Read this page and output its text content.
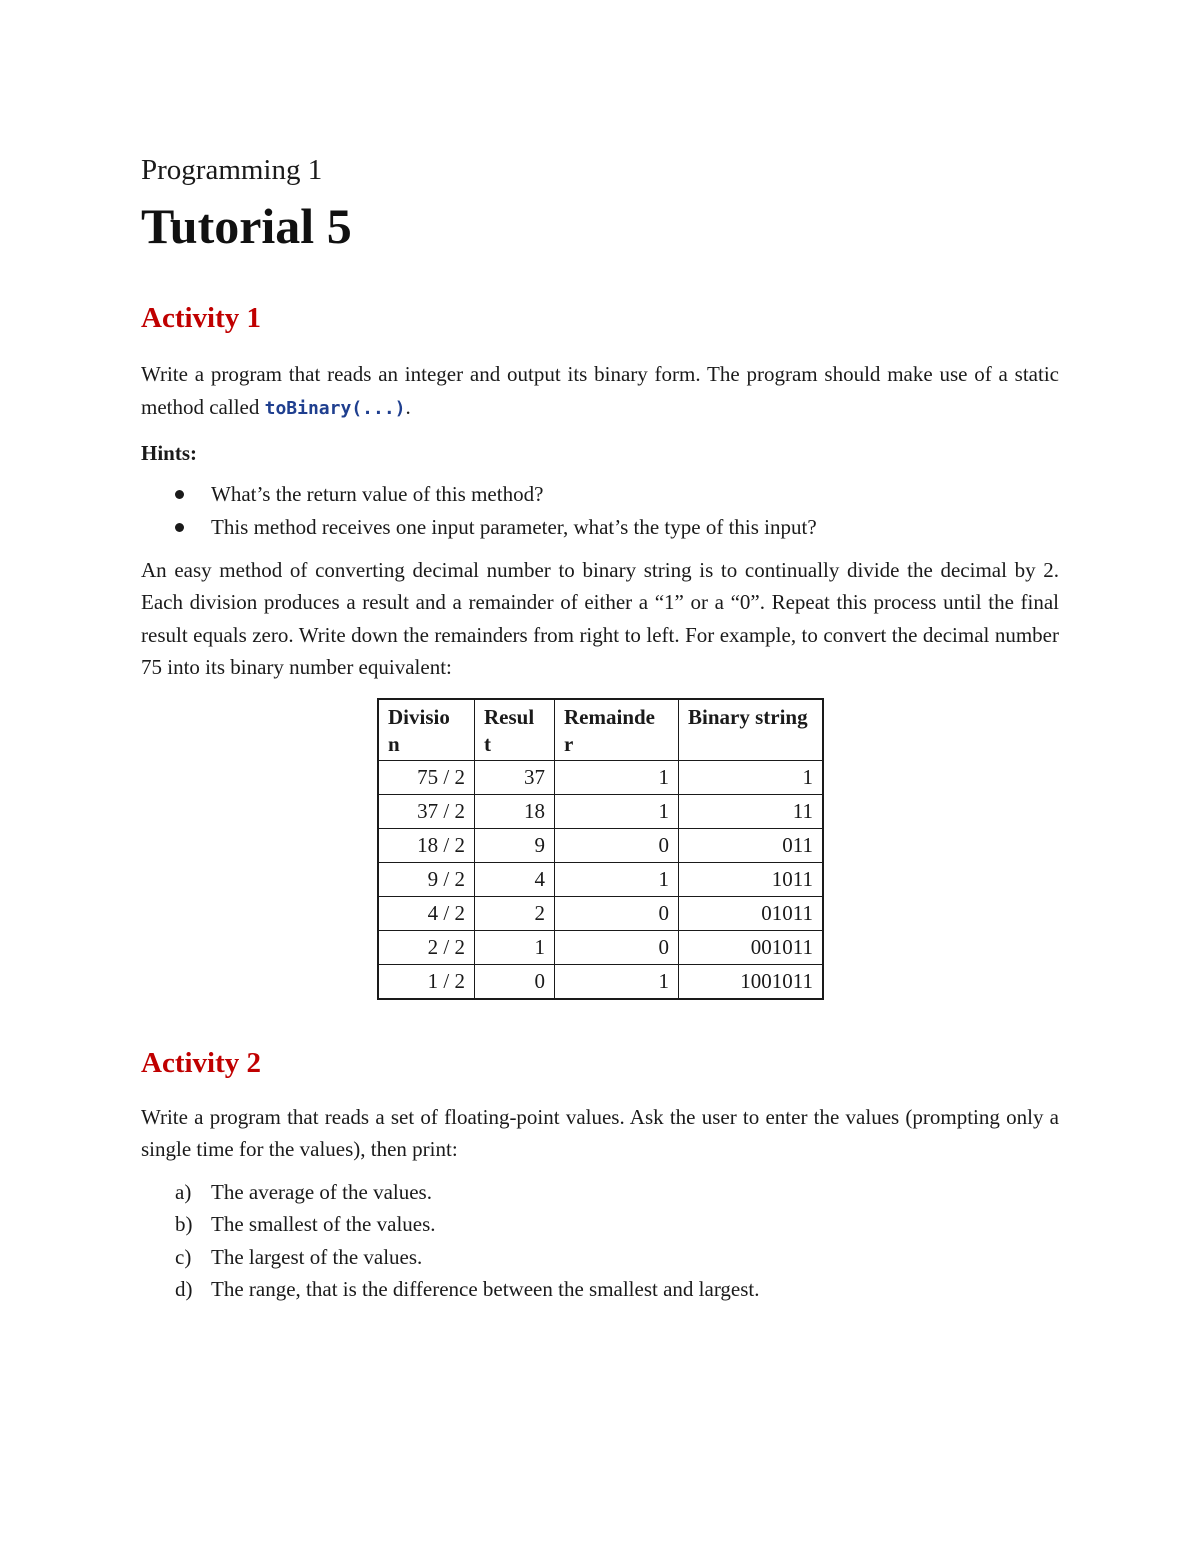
Programming 1
Tutorial 5
Activity 1

Write a program that reads an integer and output its binary form. The program should make use of a static method called toBinary(...).

Hints:

What’s the return value of this method?
This method receives one input parameter, what’s the type of this input?

An easy method of converting decimal number to binary string is to continually divide the decimal by 2. Each division produces a result and a remainder of either a “1” or a “0”. Repeat this process until the final result equals zero. Write down the remainders from right to left. For example, to convert the decimal number 75 into its binary number equivalent:

Divisio n	Resul t	Remainde r	Binary string
75 / 2	37	1	1
37 / 2	18	1	11
18 / 2	9	0	011
9 / 2	4	1	1011
4 / 2	2	0	01011
2 / 2	1	0	001011
1 / 2	0	1	1001011
Activity 2

Write a program that reads a set of floating-point values. Ask the user to enter the values (prompting only a single time for the values), then print:

a) The average of the values.
b) The smallest of the values.
c) The largest of the values.
d) The range, that is the difference between the smallest and largest.
